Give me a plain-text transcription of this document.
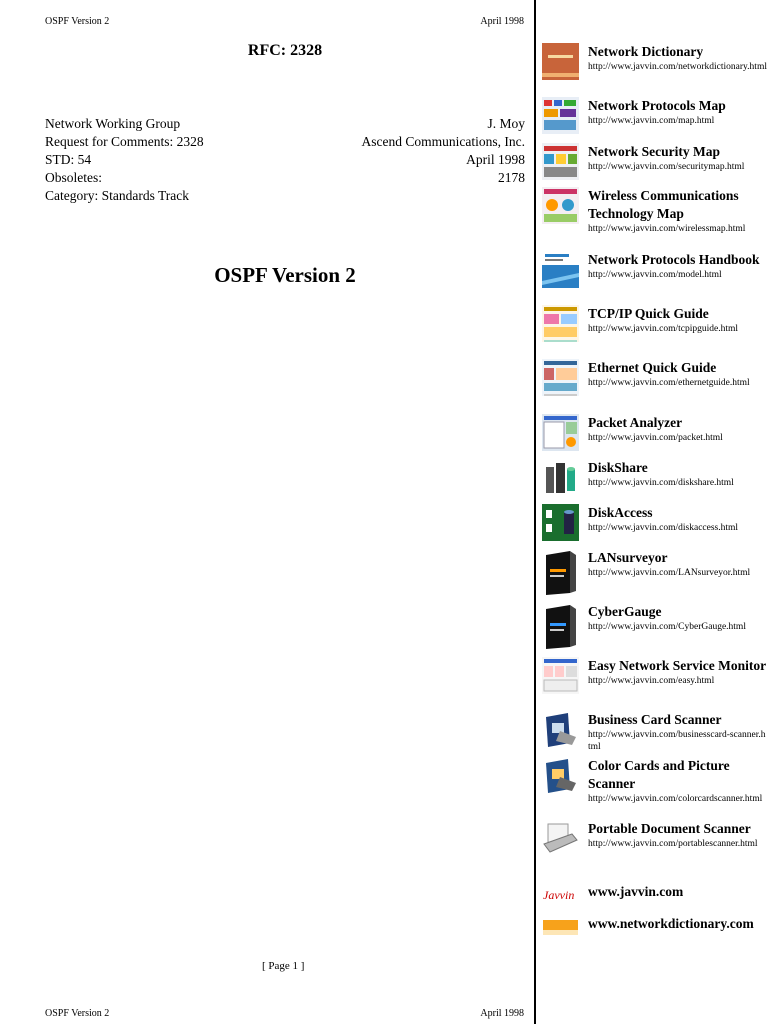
OSPF Version 2	April 1998
RFC: 2328
Network Working Group	J. Moy
Request for Comments: 2328	Ascend Communications, Inc.
STD: 54	April 1998
Obsoletes:	2178
Category: Standards Track
OSPF Version 2
[ Page 1 ]
OSPF Version 2	April 1998
Network Dictionary
http://www.javvin.com/networkdictionary.html
Network Protocols Map
http://www.javvin.com/map.html
Network Security Map
http://www.javvin.com/securitymap.html
Wireless Communications Technology Map
http://www.javvin.com/wirelessmap.html
Network Protocols Handbook
http://www.javvin.com/model.html
TCP/IP Quick Guide
http://www.javvin.com/tcpipguide.html
Ethernet Quick Guide
http://www.javvin.com/ethernetguide.html
Packet Analyzer
http://www.javvin.com/packet.html
DiskShare
http://www.javvin.com/diskshare.html
DiskAccess
http://www.javvin.com/diskaccess.html
LANsurveyor
http://www.javvin.com/LANsurveyor.html
CyberGauge
http://www.javvin.com/CyberGauge.html
Easy Network Service Monitor
http://www.javvin.com/easy.html
Business Card Scanner
http://www.javvin.com/businesscard-scanner.html
Color Cards and Picture Scanner
http://www.javvin.com/colorcardscanner.html
Portable Document Scanner
http://www.javvin.com/portablescanner.html
Javvin www.javvin.com
www.networkdictionary.com
